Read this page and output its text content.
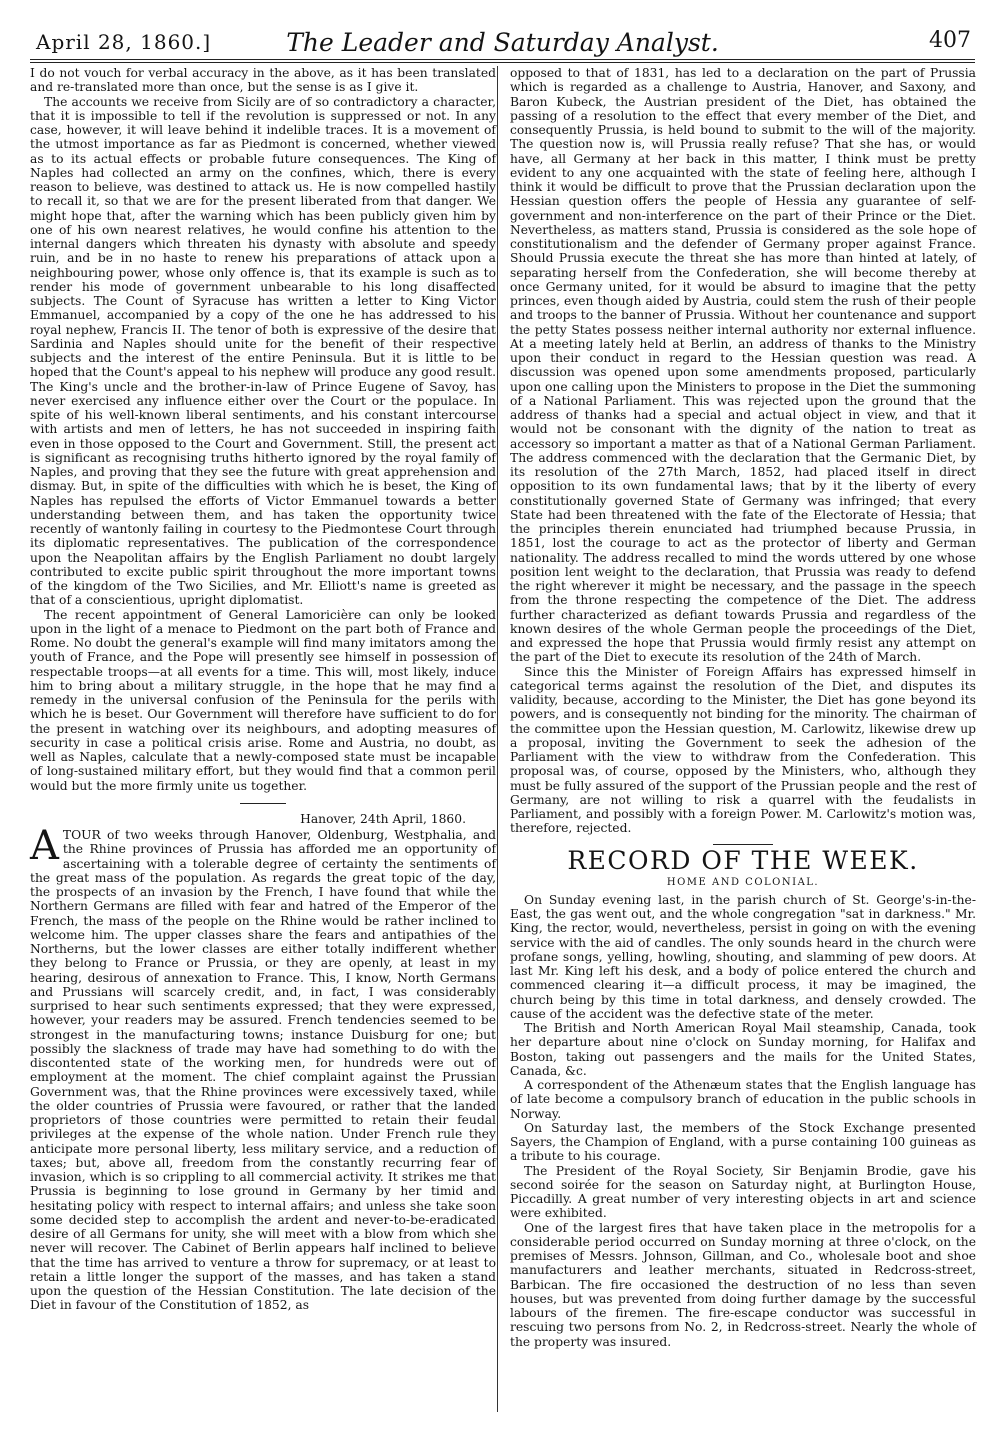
April 28, 1860.]	The Leader and Saturday Analyst.	407

I do not vouch for verbal accuracy in the above, as it has been translated and re-translated more than once, but the sense is as I give it.

The accounts we receive from Sicily are of so contradictory a character, that it is impossible to tell if the revolution is suppressed or not. In any case, however, it will leave behind it indelible traces. It is a movement of the utmost importance as far as Piedmont is concerned, whether viewed as to its actual effects or probable future consequences. The King of Naples had collected an army on the confines, which, there is every reason to believe, was destined to attack us. He is now compelled hastily to recall it, so that we are for the present liberated from that danger. We might hope that, after the warning which has been publicly given him by one of his own nearest relatives, he would confine his attention to the internal dangers which threaten his dynasty with absolute and speedy ruin, and be in no haste to renew his preparations of attack upon a neighbouring power, whose only offence is, that its example is such as to render his mode of government unbearable to his long disaffected subjects. The Count of Syracuse has written a letter to King Victor Emmanuel, accompanied by a copy of the one he has addressed to his royal nephew, Francis II. The tenor of both is expressive of the desire that Sardinia and Naples should unite for the benefit of their respective subjects and the interest of the entire Peninsula. But it is little to be hoped that the Count's appeal to his nephew will produce any good result. The King's uncle and the brother-in-law of Prince Eugene of Savoy, has never exercised any influence either over the Court or the populace. In spite of his well-known liberal sentiments, and his constant intercourse with artists and men of letters, he has not succeeded in inspiring faith even in those opposed to the Court and Government. Still, the present act is significant as recognising truths hitherto ignored by the royal family of Naples, and proving that they see the future with great apprehension and dismay. But, in spite of the difficulties with which he is beset, the King of Naples has repulsed the efforts of Victor Emmanuel towards a better understanding between them, and has taken the opportunity twice recently of wantonly failing in courtesy to the Piedmontese Court through its diplomatic representatives. The publication of the correspondence upon the Neapolitan affairs by the English Parliament no doubt largely contributed to excite public spirit throughout the more important towns of the kingdom of the Two Sicilies, and Mr. Elliott's name is greeted as that of a conscientious, upright diplomatist.

The recent appointment of General Lamoricière can only be looked upon in the light of a menace to Piedmont on the part both of France and Rome. No doubt the general's example will find many imitators among the youth of France, and the Pope will presently see himself in possession of respectable troops—at all events for a time. This will, most likely, induce him to bring about a military struggle, in the hope that he may find a remedy in the universal confusion of the Peninsula for the perils with which he is beset. Our Government will therefore have sufficient to do for the present in watching over its neighbours, and adopting measures of security in case a political crisis arise. Rome and Austria, no doubt, as well as Naples, calculate that a newly-composed state must be incapable of long-sustained military effort, but they would find that a common peril would but the more firmly unite us together.

Hanover, 24th April, 1860.

ATOUR of two weeks through Hanover, Oldenburg, Westphalia, and the Rhine provinces of Prussia has afforded me an opportunity of ascertaining with a tolerable degree of certainty the sentiments of the great mass of the population. As regards the great topic of the day, the prospects of an invasion by the French, I have found that while the Northern Germans are filled with fear and hatred of the Emperor of the French, the mass of the people on the Rhine would be rather inclined to welcome him. The upper classes share the fears and antipathies of the Northerns, but the lower classes are either totally indifferent whether they belong to France or Prussia, or they are openly, at least in my hearing, desirous of annexation to France. This, I know, North Germans and Prussians will scarcely credit, and, in fact, I was considerably surprised to hear such sentiments expressed; that they were expressed, however, your readers may be assured. French tendencies seemed to be strongest in the manufacturing towns; instance Duisburg for one; but possibly the slackness of trade may have had something to do with the discontented state of the working men, for hundreds were out of employment at the moment. The chief complaint against the Prussian Government was, that the Rhine provinces were excessively taxed, while the older countries of Prussia were favoured, or rather that the landed proprietors of those countries were permitted to retain their feudal privileges at the expense of the whole nation. Under French rule they anticipate more personal liberty, less military service, and a reduction of taxes; but, above all, freedom from the constantly recurring fear of invasion, which is so crippling to all commercial activity. It strikes me that Prussia is beginning to lose ground in Germany by her timid and hesitating policy with respect to internal affairs; and unless she take soon some decided step to accomplish the ardent and never-to-be-eradicated desire of all Germans for unity, she will meet with a blow from which she never will recover. The Cabinet of Berlin appears half inclined to believe that the time has arrived to venture a throw for supremacy, or at least to retain a little longer the support of the masses, and has taken a stand upon the question of the Hessian Constitution. The late decision of the Diet in favour of the Constitution of 1852, as

opposed to that of 1831, has led to a declaration on the part of Prussia which is regarded as a challenge to Austria, Hanover, and Saxony, and Baron Kubeck, the Austrian president of the Diet, has obtained the passing of a resolution to the effect that every member of the Diet, and consequently Prussia, is held bound to submit to the will of the majority. The question now is, will Prussia really refuse? That she has, or would have, all Germany at her back in this matter, I think must be pretty evident to any one acquainted with the state of feeling here, although I think it would be difficult to prove that the Prussian declaration upon the Hessian question offers the people of Hessia any guarantee of self-government and non-interference on the part of their Prince or the Diet. Nevertheless, as matters stand, Prussia is considered as the sole hope of constitutionalism and the defender of Germany proper against France. Should Prussia execute the threat she has more than hinted at lately, of separating herself from the Confederation, she will become thereby at once Germany united, for it would be absurd to imagine that the petty princes, even though aided by Austria, could stem the rush of their people and troops to the banner of Prussia. Without her countenance and support the petty States possess neither internal authority nor external influence. At a meeting lately held at Berlin, an address of thanks to the Ministry upon their conduct in regard to the Hessian question was read. A discussion was opened upon some amendments proposed, particularly upon one calling upon the Ministers to propose in the Diet the summoning of a National Parliament. This was rejected upon the ground that the address of thanks had a special and actual object in view, and that it would not be consonant with the dignity of the nation to treat as accessory so important a matter as that of a National German Parliament. The address commenced with the declaration that the Germanic Diet, by its resolution of the 27th March, 1852, had placed itself in direct opposition to its own fundamental laws; that by it the liberty of every constitutionally governed State of Germany was infringed; that every State had been threatened with the fate of the Electorate of Hessia; that the principles therein enunciated had triumphed because Prussia, in 1851, lost the courage to act as the protector of liberty and German nationality. The address recalled to mind the words uttered by one whose position lent weight to the declaration, that Prussia was ready to defend the right wherever it might be necessary, and the passage in the speech from the throne respecting the competence of the Diet. The address further characterized as defiant towards Prussia and regardless of the known desires of the whole German people the proceedings of the Diet, and expressed the hope that Prussia would firmly resist any attempt on the part of the Diet to execute its resolution of the 24th of March.

Since this the Minister of Foreign Affairs has expressed himself in categorical terms against the resolution of the Diet, and disputes its validity, because, according to the Minister, the Diet has gone beyond its powers, and is consequently not binding for the minority. The chairman of the committee upon the Hessian question, M. Carlowitz, likewise drew up a proposal, inviting the Government to seek the adhesion of the Parliament with the view to withdraw from the Confederation. This proposal was, of course, opposed by the Ministers, who, although they must be fully assured of the support of the Prussian people and the rest of Germany, are not willing to risk a quarrel with the feudalists in Parliament, and possibly with a foreign Power. M. Carlowitz's motion was, therefore, rejected.

RECORD OF THE WEEK.
HOME AND COLONIAL.

On Sunday evening last, in the parish church of St. George's-in-the-East, the gas went out, and the whole congregation "sat in darkness." Mr. King, the rector, would, nevertheless, persist in going on with the evening service with the aid of candles. The only sounds heard in the church were profane songs, yelling, howling, shouting, and slamming of pew doors. At last Mr. King left his desk, and a body of police entered the church and commenced clearing it—a difficult process, it may be imagined, the church being by this time in total darkness, and densely crowded. The cause of the accident was the defective state of the meter.

The British and North American Royal Mail steamship, Canada, took her departure about nine o'clock on Sunday morning, for Halifax and Boston, taking out passengers and the mails for the United States, Canada, &c.

A correspondent of the Athenæum states that the English language has of late become a compulsory branch of education in the public schools in Norway.

On Saturday last, the members of the Stock Exchange presented Sayers, the Champion of England, with a purse containing 100 guineas as a tribute to his courage.

The President of the Royal Society, Sir Benjamin Brodie, gave his second soirée for the season on Saturday night, at Burlington House, Piccadilly. A great number of very interesting objects in art and science were exhibited.

One of the largest fires that have taken place in the metropolis for a considerable period occurred on Sunday morning at three o'clock, on the premises of Messrs. Johnson, Gillman, and Co., wholesale boot and shoe manufacturers and leather merchants, situated in Redcross-street, Barbican. The fire occasioned the destruction of no less than seven houses, but was prevented from doing further damage by the successful labours of the firemen. The fire-escape conductor was successful in rescuing two persons from No. 2, in Redcross-street. Nearly the whole of the property was insured.
